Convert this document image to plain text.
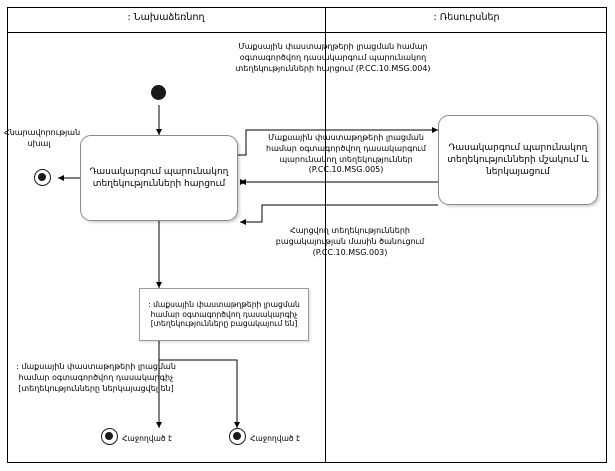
: Նախաձեռնող	: Ռեսուրսներ
Հնարավորության սխալ
Դասակարգում պարունակող տեղեկությունների հարցում
Դասակարգում պարունակող տեղեկությունների մշակում և ներկայացում
Մաքսային փաստաթղթերի լրացման համար օգտագործվող դասակարգում պարունակող տեղեկությունների հարցում (P.CC.10.MSG.004)
Մաքսային փաստաթղթերի լրացման համար օգտագործվող դասակարգում պարունակող տեղեկություններ (P.CC.10.MSG.005)
Հարցվող տեղեկությունների բացակայության մասին ծանուցում (P.CC.10.MSG.003)
: մաքսային փաստաթղթերի լրացման համար օգտագործվող դասակարգիչ [տեղեկությունները բացակայում են]
: մաքսային փաստաթղթերի լրացման համար օգտագործվող դասակարգիչ [տեղեկությունները ներկայացվել են]
Հաջողված է	Հաջողված է
